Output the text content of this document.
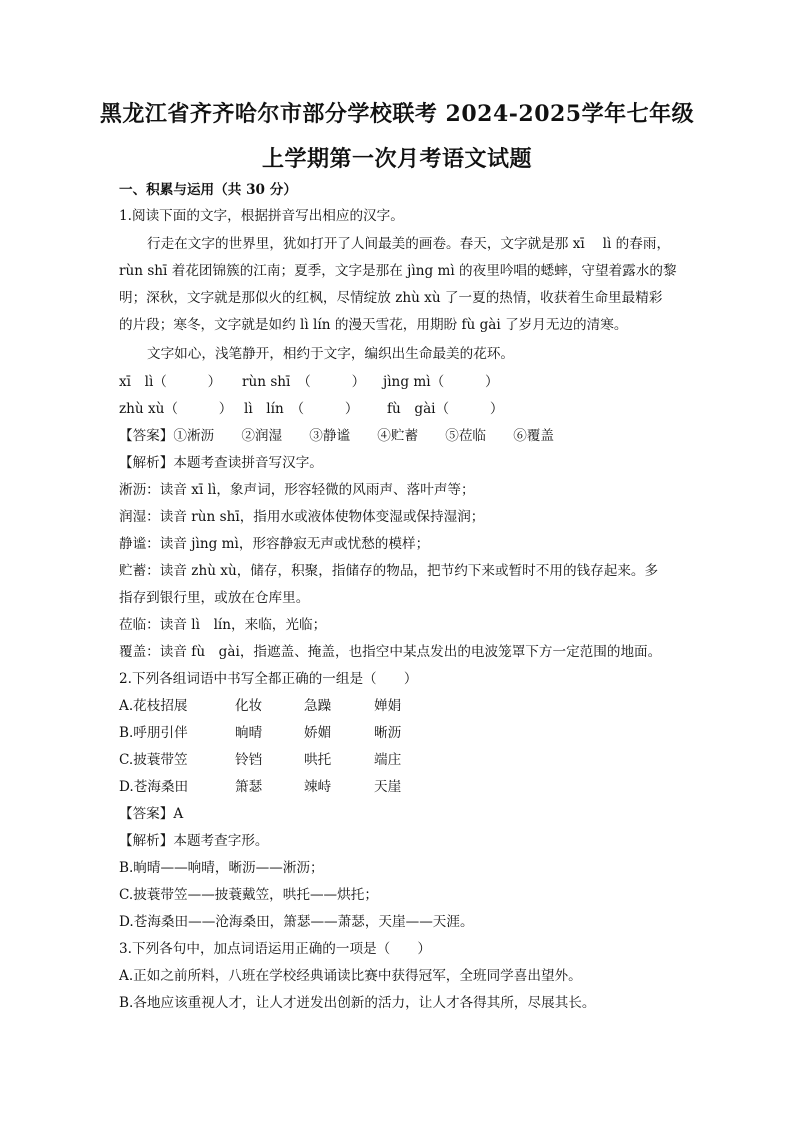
黑龙江省齐齐哈尔市部分学校联考 2024-2025学年七年级
上学期第一次月考语文试题
一、积累与运用（共 30 分）
1.阅读下面的文字，根据拼音写出相应的汉字。
行走在文字的世界里，犹如打开了人间最美的画卷。春天，文字就是那 xī　 lì 的春雨，
rùn shī 着花团锦簇的江南；夏季，文字是那在 jìng mì 的夜里吟唱的蟋蟀，守望着露水的黎
明；深秋，文字就是那似火的红枫，尽情绽放 zhù xù 了一夏的热情，收获着生命里最精彩
的片段；寒冬，文字就是如约 lì lín 的漫天雪花，用期盼 fù gài 了岁月无边的清寒。
文字如心，浅笔静开，相约于文字，编织出生命最美的花环。
xī　lì（　　　） rùn shī　（　　　） jìng mì（　　　）
zhù xù（　　　） lì　lín　（　　　） fù　gài（　　　）
【答案】①淅沥　　②润湿　　③静谧　　④贮蓄　　⑤莅临　　⑥覆盖
【解析】本题考查读拼音写汉字。
淅沥：读音 xī lì，象声词，形容轻微的风雨声、落叶声等；
润湿：读音 rùn shī，指用水或液体使物体变湿或保持湿润；
静谧：读音 jìng mì，形容静寂无声或忧愁的模样；
贮蓄：读音 zhù xù，储存，积聚，指储存的物品，把节约下来或暂时不用的钱存起来。多
指存到银行里，或放在仓库里。
莅临：读音 lì　lín，来临，光临；
覆盖：读音 fù　gài，指遮盖、掩盖，也指空中某点发出的电波笼罩下方一定范围的地面。
2.下列各组词语中书写全都正确的一组是（　　）
A.花枝招展	化妆	急躁	婵娟
B.呼朋引伴	晌晴	娇媚	晰沥
C.披蓑带笠	铃铛	哄托	端庄
D.苍海桑田	箫瑟	竦峙	天崖
【答案】A
【解析】本题考查字形。
B.晌晴——响晴，晰沥——淅沥；
C.披蓑带笠——披蓑戴笠，哄托——烘托；
D.苍海桑田——沧海桑田，箫瑟——萧瑟，天崖——天涯。
3.下列各句中，加点词语运用正确的一项是（　　）
A.正如之前所料，八班在学校经典诵读比赛中获得冠军，全班同学喜出望外。
B.各地应该重视人才，让人才迸发出创新的活力，让人才各得其所，尽展其长。
